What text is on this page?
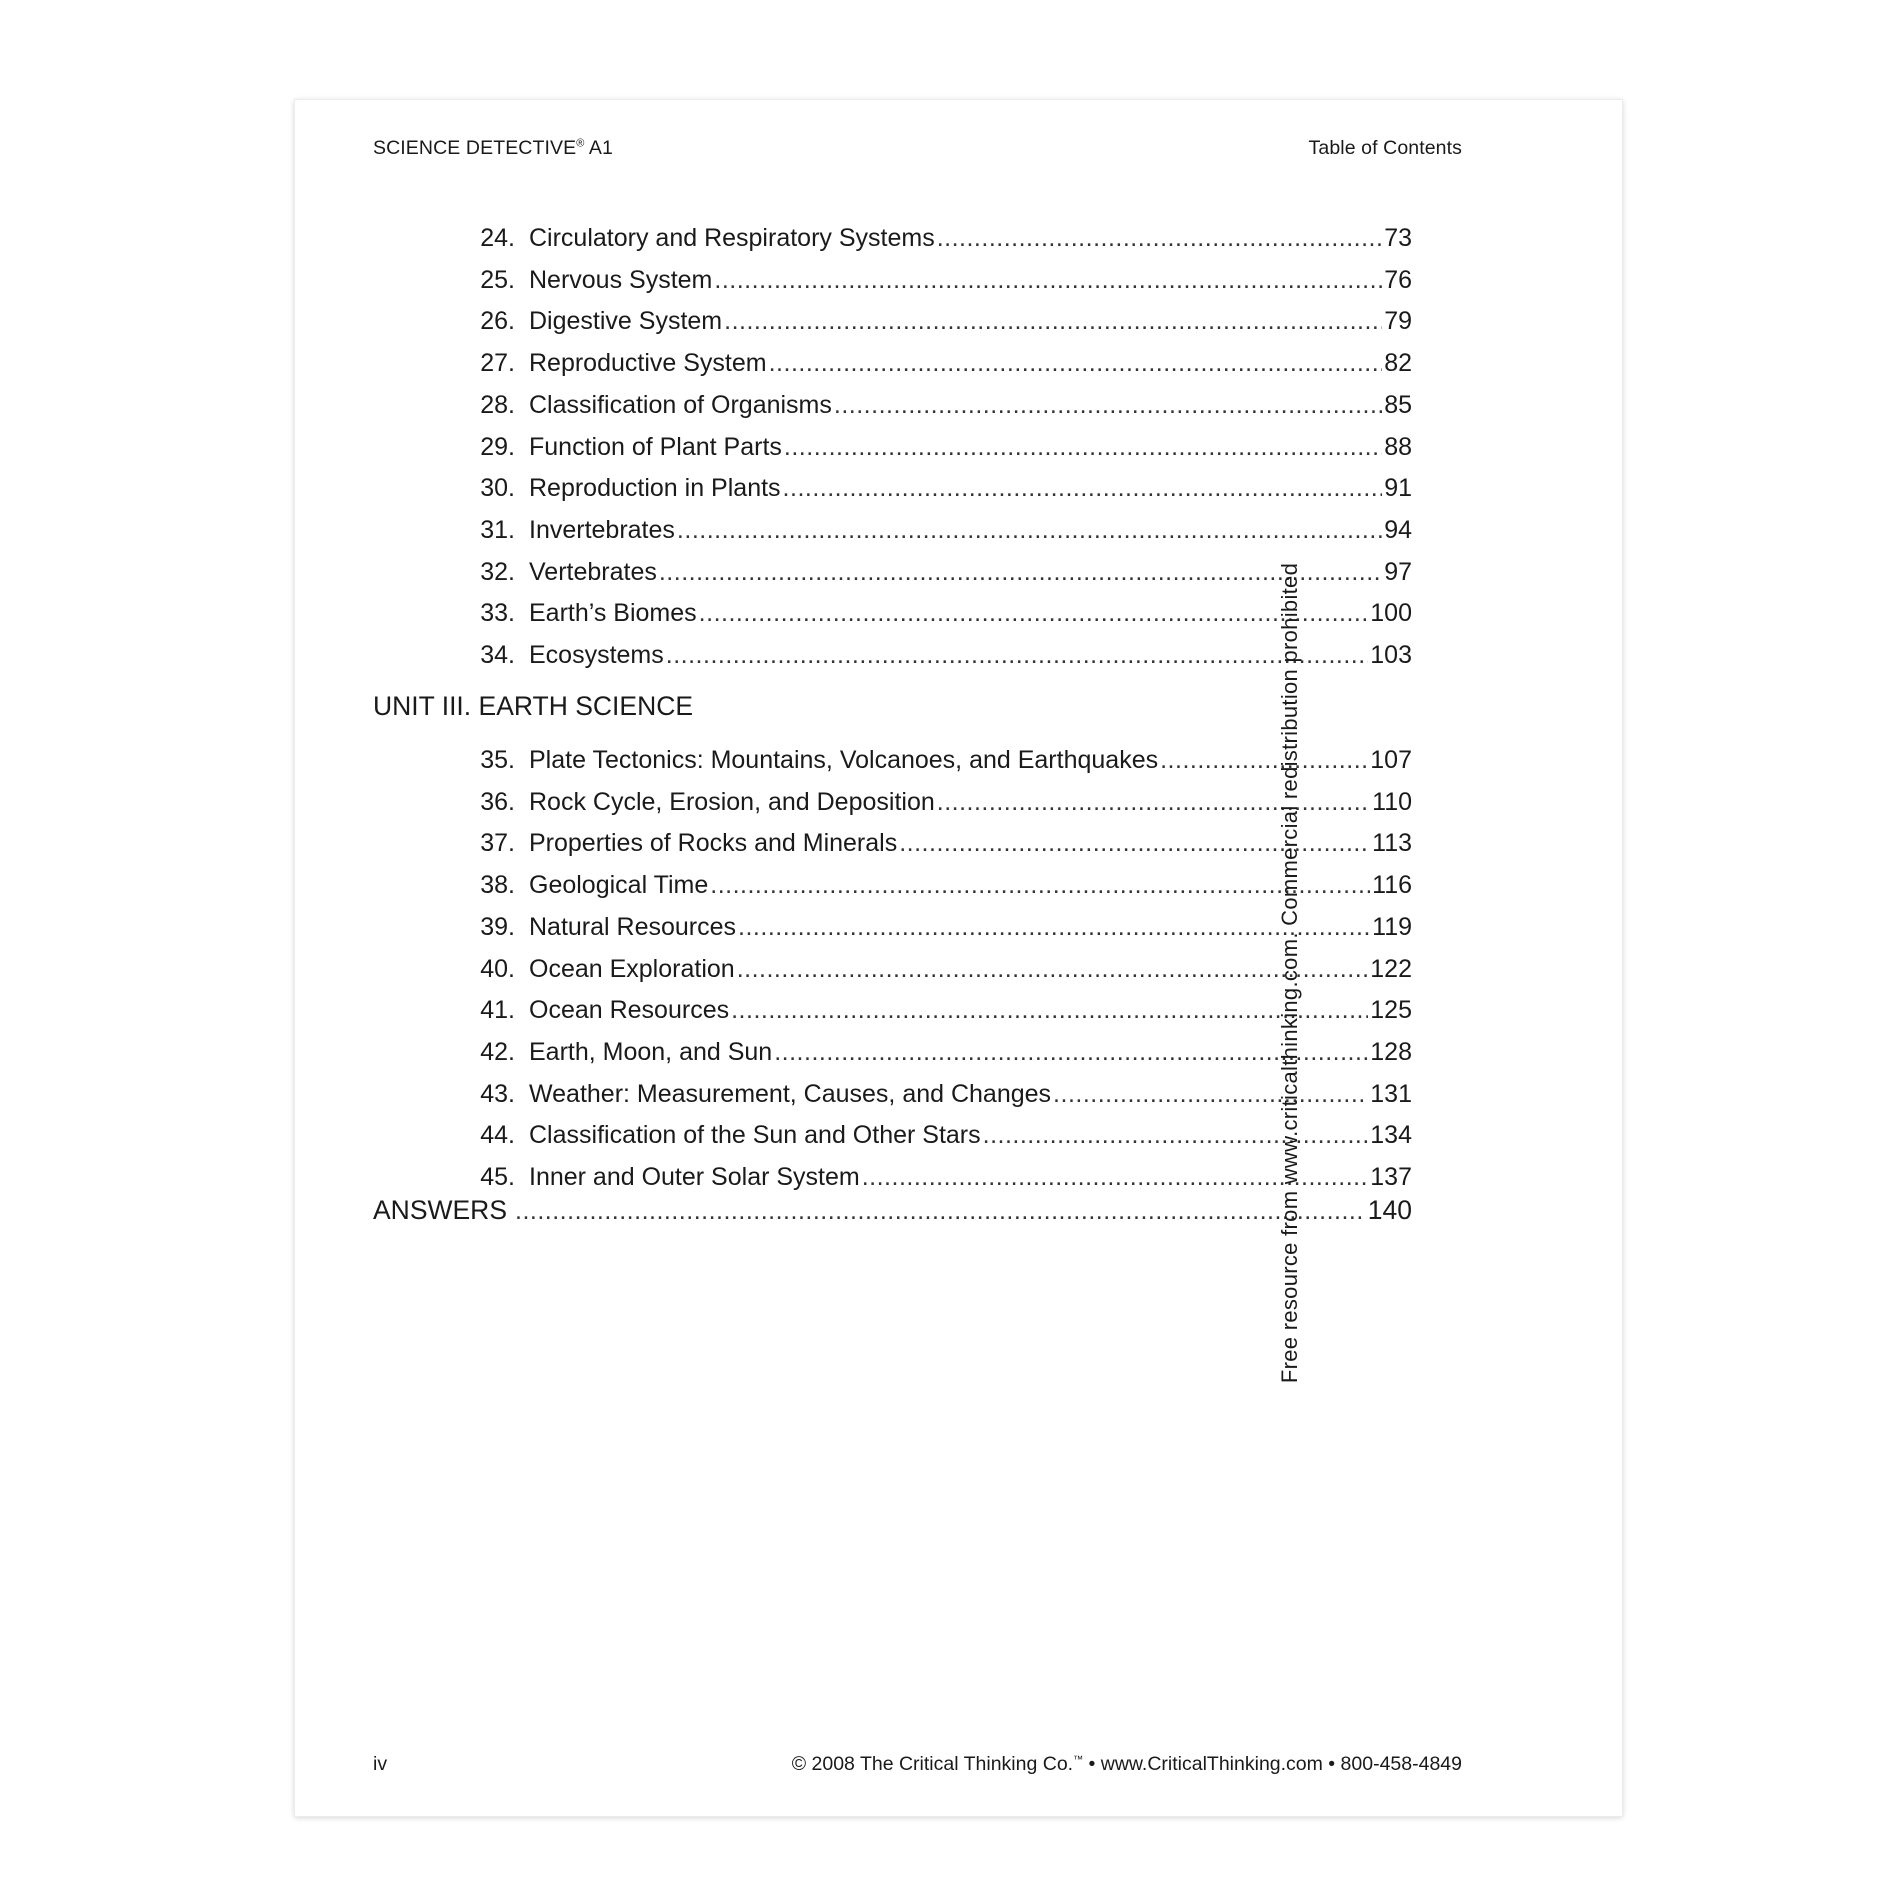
SCIENCE DETECTIVE® A1	Table of Contents
24. Circulatory and Respiratory Systems .....	73
25. Nervous System .....	76
26. Digestive System .....	79
27. Reproductive System .....	82
28. Classification of Organisms .....	85
29. Function of Plant Parts .....	88
30. Reproduction in Plants .....	91
31. Invertebrates .....	94
32. Vertebrates .....	97
33. Earth’s Biomes .....	100
34. Ecosystems .....	103
UNIT III. EARTH SCIENCE
35. Plate Tectonics: Mountains, Volcanoes, and Earthquakes .....	107
36. Rock Cycle, Erosion, and Deposition .....	110
37. Properties of Rocks and Minerals .....	113
38. Geological Time .....	116
39. Natural Resources .....	119
40. Ocean Exploration .....	122
41. Ocean Resources .....	125
42. Earth, Moon, and Sun .....	128
43. Weather: Measurement, Causes, and Changes .....	131
44. Classification of the Sun and Other Stars .....	134
45. Inner and Outer Solar System .....	137
ANSWERS .....	140
iv	© 2008 The Critical Thinking Co.™ • www.CriticalThinking.com • 800-458-4849
Free resource from www.criticalthinking.com. Commercial redistribution prohibited
